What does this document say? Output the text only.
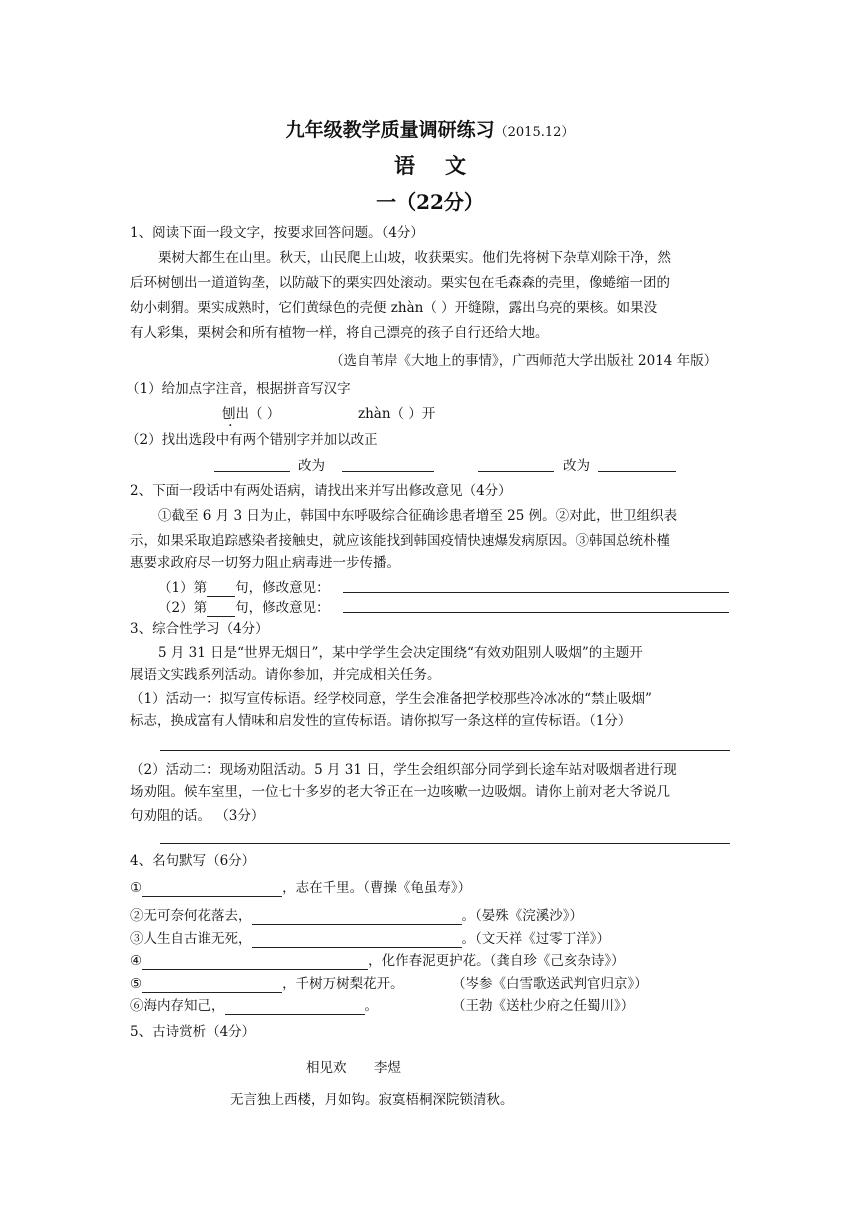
九年级教学质量调研练习（2015.12）
语文
一（22分）
1、阅读下面一段文字，按要求回答问题。（4分）
栗树大都生在山里。秋天，山民爬上山坡，收获栗实。他们先将树下杂草刈除干净，然
后环树刨出一道道钩垄，以防敲下的栗实四处滚动。栗实包在毛森森的壳里，像蜷缩一团的
幼小刺猬。栗实成熟时，它们黄绿色的壳便 zhàn（ ）开缝隙，露出乌亮的栗核。如果没
有人彩集，栗树会和所有植物一样，将自己漂亮的孩子自行还给大地。
（选自苇岸《大地上的事情》，广西师范大学出版社 2014 年版）
（1）给加点字注音，根据拼音写汉字
刨出（ ）	zhàn（ ）开
（2）找出选段中有两个错别字并加以改正
改为	改为
2、下面一段话中有两处语病，请找出来并写出修改意见（4分）
①截至 6 月 3 日为止，韩国中东呼吸综合征确诊患者增至 25 例。②对此，世卫组织表
示，如果采取追踪感染者接触史，就应该能找到韩国疫情快速爆发病原因。③韩国总统朴槿
惠要求政府尽一切努力阻止病毒进一步传播。
（1）第 句，修改意见：
（2）第 句，修改意见：
3、综合性学习（4分）
5 月 31 日是“世界无烟日”，某中学学生会决定围绕“有效劝阻别人吸烟”的主题开
展语文实践系列活动。请你参加，并完成相关任务。
（1）活动一：拟写宣传标语。经学校同意，学生会准备把学校那些冷冰冰的“禁止吸烟”
标志，换成富有人情味和启发性的宣传标语。请你拟写一条这样的宣传标语。（1分）
（2）活动二：现场劝阻活动。5 月 31 日，学生会组织部分同学到长途车站对吸烟者进行现
场劝阻。候车室里，一位七十多岁的老大爷正在一边咳嗽一边吸烟。请你上前对老大爷说几
句劝阻的话。 （3分）
4、名句默写（6分）
①	，志在千里。（曹操《龟虽寿》）
②无可奈何花落去，	。（晏殊《浣溪沙》）
③人生自古谁无死，	。（文天祥《过零丁洋》）
④	，化作春泥更护花。（龚自珍《己亥杂诗》）
⑤	，千树万树梨花开。	（岑参《白雪歌送武判官归京》）
⑥海内存知己，	。	（王勃《送杜少府之任蜀川》）
5、古诗赏析（4分）
相见欢 李煜
无言独上西楼，月如钩。寂寞梧桐深院锁清秋。
